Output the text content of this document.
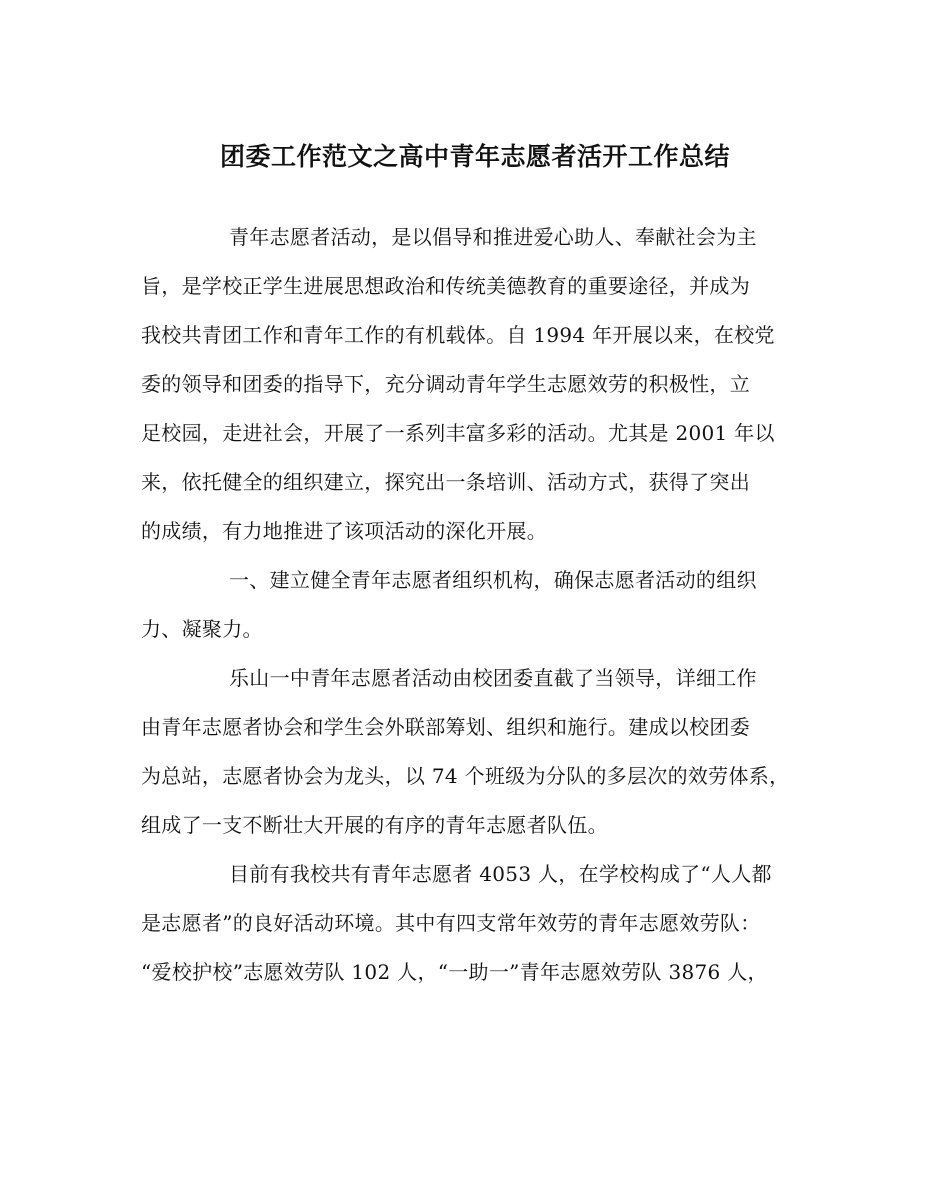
团委工作范文之高中青年志愿者活开工作总结
青年志愿者活动，是以倡导和推进爱心助人、奉献社会为主
旨，是学校正学生进展思想政治和传统美德教育的重要途径，并成为
我校共青团工作和青年工作的有机载体。自 1994 年开展以来，在校党
委的领导和团委的指导下，充分调动青年学生志愿效劳的积极性，立
足校园，走进社会，开展了一系列丰富多彩的活动。尤其是 2001 年以
来，依托健全的组织建立，探究出一条培训、活动方式，获得了突出
的成绩，有力地推进了该项活动的深化开展。
一、建立健全青年志愿者组织机构，确保志愿者活动的组织
力、凝聚力。
乐山一中青年志愿者活动由校团委直截了当领导，详细工作
由青年志愿者协会和学生会外联部筹划、组织和施行。建成以校团委
为总站，志愿者协会为龙头，以 74 个班级为分队的多层次的效劳体系，
组成了一支不断壮大开展的有序的青年志愿者队伍。
目前有我校共有青年志愿者 4053 人，在学校构成了“人人都
是志愿者”的良好活动环境。其中有四支常年效劳的青年志愿效劳队：
“爱校护校”志愿效劳队 102 人，“一助一”青年志愿效劳队 3876 人，
